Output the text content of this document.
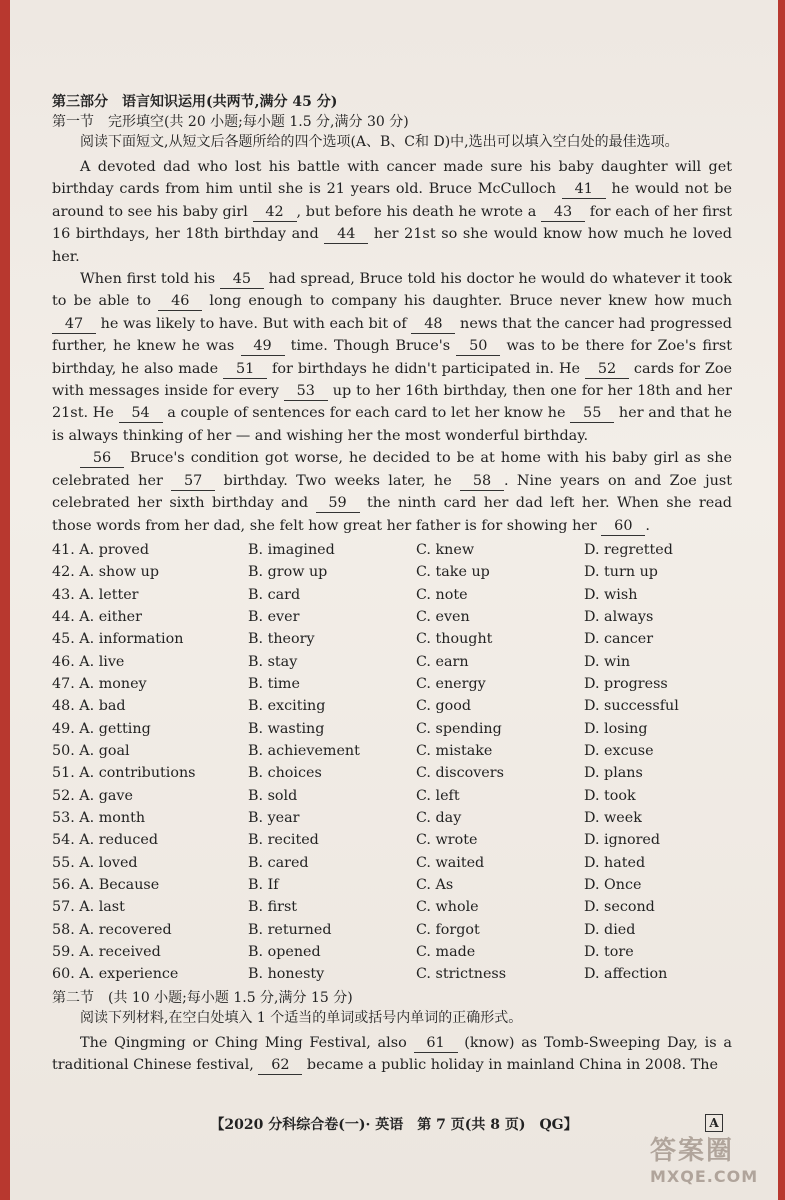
第三部分　语言知识运用(共两节,满分 45 分)
第一节　完形填空(共 20 小题;每小题 1.5 分,满分 30 分)
阅读下面短文,从短文后各题所给的四个选项(A、B、C和 D)中,选出可以填入空白处的最佳选项。

A devoted dad who lost his battle with cancer made sure his baby daughter will get birthday cards from him until she is 21 years old. Bruce McCulloch 41 he would not be around to see his baby girl 42 , but before his death he wrote a 43 for each of her first 16 birthdays, her 18th birthday and 44 her 21st so she would know how much he loved her.

When first told his 45 had spread, Bruce told his doctor he would do whatever it took to be able to 46 long enough to company his daughter. Bruce never knew how much 47 he was likely to have. But with each bit of 48 news that the cancer had progressed further, he knew he was 49 time. Though Bruce's 50 was to be there for Zoe's first birthday, he also made 51 for birthdays he didn't participated in. He 52 cards for Zoe with messages inside for every 53 up to her 16th birthday, then one for her 18th and her 21st. He 54 a couple of sentences for each card to let her know he 55 her and that he is always thinking of her — and wishing her the most wonderful birthday.

56 Bruce's condition got worse, he decided to be at home with his baby girl as she celebrated her 57 birthday. Two weeks later, he 58 . Nine years on and Zoe just celebrated her sixth birthday and 59 the ninth card her dad left her. When she read those words from her dad, she felt how great her father is for showing her 60 .

41. A. proved	B. imagined	C. knew	D. regretted
42. A. show up	B. grow up	C. take up	D. turn up
43. A. letter	B. card	C. note	D. wish
44. A. either	B. ever	C. even	D. always
45. A. information	B. theory	C. thought	D. cancer
46. A. live	B. stay	C. earn	D. win
47. A. money	B. time	C. energy	D. progress
48. A. bad	B. exciting	C. good	D. successful
49. A. getting	B. wasting	C. spending	D. losing
50. A. goal	B. achievement	C. mistake	D. excuse
51. A. contributions	B. choices	C. discovers	D. plans
52. A. gave	B. sold	C. left	D. took
53. A. month	B. year	C. day	D. week
54. A. reduced	B. recited	C. wrote	D. ignored
55. A. loved	B. cared	C. waited	D. hated
56. A. Because	B. If	C. As	D. Once
57. A. last	B. first	C. whole	D. second
58. A. recovered	B. returned	C. forgot	D. died
59. A. received	B. opened	C. made	D. tore
60. A. experience	B. honesty	C. strictness	D. affection
第二节　(共 10 小题;每小题 1.5 分,满分 15 分)
阅读下列材料,在空白处填入 1 个适当的单词或括号内单词的正确形式。

The Qingming or Ching Ming Festival, also 61 (know) as Tomb-Sweeping Day, is a traditional Chinese festival, 62 became a public holiday in mainland China in 2008. The

【2020 分科综合卷(一)· 英语　第 7 页(共 8 页)　QG】	A
答案圈
MXQE.COM
